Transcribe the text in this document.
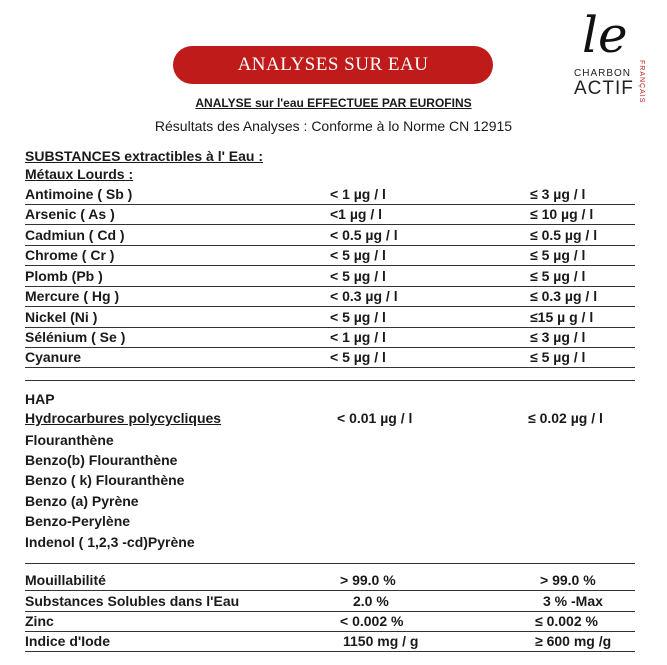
ANALYSES SUR EAU
le
CHARBON
ACTIF FRANÇAIS
ANALYSE sur l'eau EFFECTUEE PAR EUROFINS
Résultats des Analyses : Conforme à lo Norme CN 12915
SUBSTANCES extractibles à l' Eau :
Métaux Lourds :
Antimoine ( Sb )	< 1 µg / l	≤ 3 µg / l
Arsenic ( As )	<1 µg / l	≤ 10 µg / l
Cadmiun ( Cd )	< 0.5 µg / l	≤ 0.5 µg / l
Chrome ( Cr )	< 5 µg / l	≤ 5 µg / l
Plomb (Pb )	< 5 µg / l	≤ 5 µg / l
Mercure ( Hg )	< 0.3 µg / l	≤ 0.3 µg / l
Nickel (Ni )	< 5 µg / l	≤15 µ g / l
Sélénium ( Se )	< 1 µg / l	≤ 3 µg / l
Cyanure	< 5 µg / l	≤ 5 µg / l
HAP
Hydrocarbures polycycliques	< 0.01 µg / l	≤ 0.02 µg / l
Flouranthène
Benzo(b) Flouranthène
Benzo ( k) Flouranthène
Benzo (a) Pyrène
Benzo-Perylène
Indenol ( 1,2,3 -cd)Pyrène
Mouillabilité	> 99.0 %	> 99.0 %
Substances Solubles dans l'Eau	2.0 %	3 % -Max
Zinc	< 0.002 %	≤ 0.002 %
Indice d'Iode	1150 mg / g	≥ 600 mg /g
